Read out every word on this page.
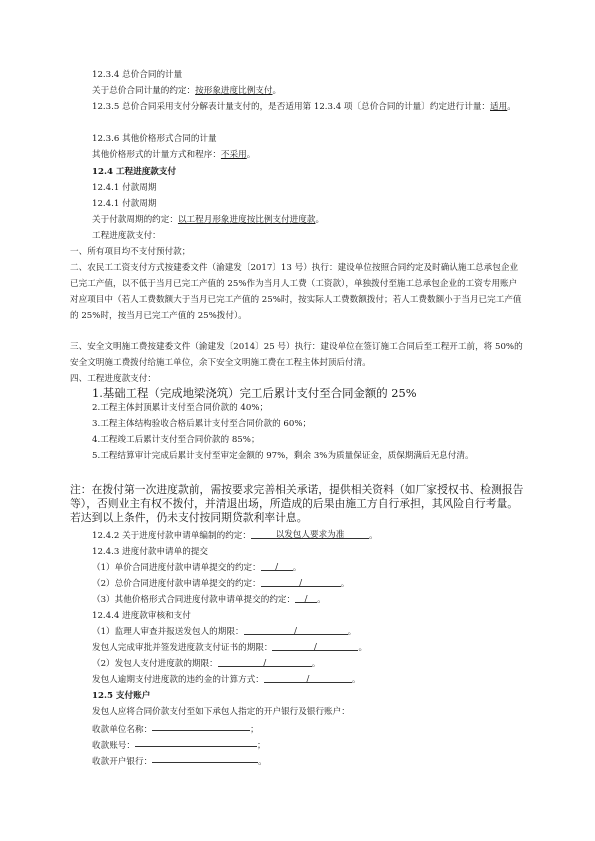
12.3.4 总价合同的计量
关于总价合同计量的约定：按形象进度比例支付。
12.3.5 总价合同采用支付分解表计量支付的，是否适用第 12.3.4 项〔总价合同的计量〕约定进行计量：适用。
12.3.6 其他价格形式合同的计量
其他价格形式的计量方式和程序：不采用。
12.4 工程进度款支付
12.4.1 付款周期
12.4.1 付款周期
关于付款周期的约定：以工程月形象进度按比例支付进度款。
工程进度款支付：
一、所有项目均不支付预付款；
二、农民工工资支付方式按建委文件（渝建发〔2017〕13 号）执行：建设单位按照合同约定及时确认施工总承包企业已完工产值，以不低于当月已完工产值的 25%作为当月人工费（工资款），单独拨付至施工总承包企业的工资专用账户对应项目中（若人工费数额大于当月已完工产值的 25%时，按实际人工费数额拨付；若人工费数额小于当月已完工产值的 25%时，按当月已完工产值的 25%拨付）。
三、安全文明施工费按建委文件（渝建发〔2014〕25 号）执行：建设单位在签订施工合同后至工程开工前，将 50%的安全文明施工费拨付给施工单位，余下安全文明施工费在工程主体封顶后付清。
四、工程进度款支付：
1.基础工程（完成地梁浇筑）完工后累计支付至合同金额的 25%
2.工程主体封顶累计支付至合同价款的 40%；
3.工程主体结构验收合格后累计支付至合同价款的 60%；
4.工程竣工后累计支付至合同价款的 85%；
5.工程结算审计完成后累计支付至审定金额的 97%，剩余 3%为质量保证金，质保期满后无息付清。
注：在拨付第一次进度款前，需按要求完善相关承诺，提供相关资料（如厂家授权书、检测报告等），否则业主有权不拨付，并清退出场，所造成的后果由施工方自行承担，其风险自行考量。若达到以上条件，仍未支付按同期贷款利率计息。
12.4.2 关于进度付款申请单编制的约定：	以发包人要求为准	。
12.4.3 进度付款申请单的提交
（1）单价合同进度付款申请单提交的约定： / 。
（2）总价合同进度付款申请单提交的约定：	/	。
（3）其他价格形式合同进度付款申请单提交的约定： / 。
12.4.4 进度款审核和支付
（1）监理人审查并报送发包人的期限：	/	。
发包人完成审批并签发进度款支付证书的期限：	/	。
（2）发包人支付进度款的期限：	/	。
发包人逾期支付进度款的违约金的计算方式：	/	。
12.5 支付账户
发包人应将合同价款支付至如下承包人指定的开户银行及银行账户：
收款单位名称：	；
收款账号：	；
收款开户银行：	。
